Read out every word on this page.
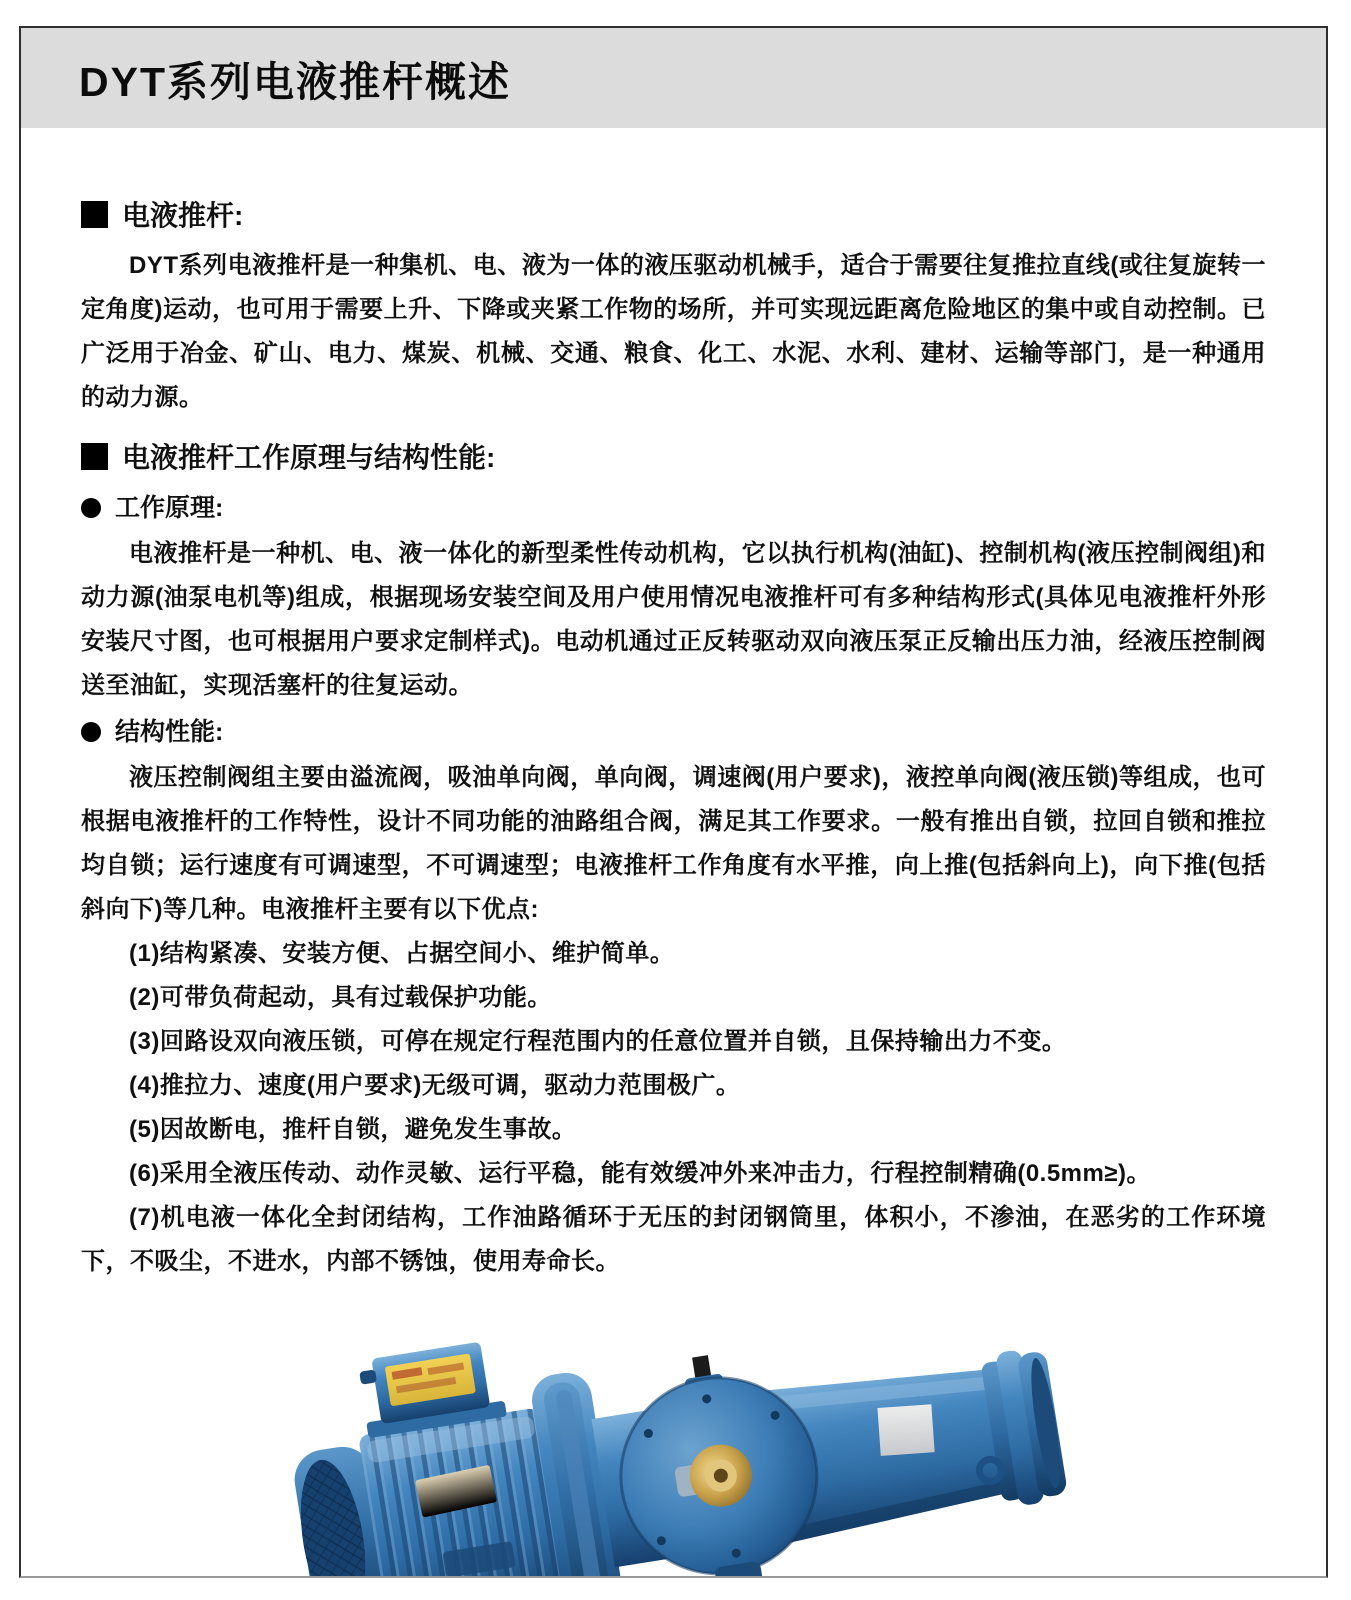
DYT系列电液推杆概述
电液推杆:

DYT系列电液推杆是一种集机、电、液为一体的液压驱动机械手，适合于需要往复推拉直线(或往复旋转一定角度)运动，也可用于需要上升、下降或夹紧工作物的场所，并可实现远距离危险地区的集中或自动控制。已广泛用于冶金、矿山、电力、煤炭、机械、交通、粮食、化工、水泥、水利、建材、运输等部门，是一种通用的动力源。

电液推杆工作原理与结构性能:
工作原理:

电液推杆是一种机、电、液一体化的新型柔性传动机构，它以执行机构(油缸)、控制机构(液压控制阀组)和动力源(油泵电机等)组成，根据现场安装空间及用户使用情况电液推杆可有多种结构形式(具体见电液推杆外形安装尺寸图，也可根据用户要求定制样式)。电动机通过正反转驱动双向液压泵正反输出压力油，经液压控制阀送至油缸，实现活塞杆的往复运动。

结构性能:

液压控制阀组主要由溢流阀，吸油单向阀，单向阀，调速阀(用户要求)，液控单向阀(液压锁)等组成，也可根据电液推杆的工作特性，设计不同功能的油路组合阀，满足其工作要求。一般有推出自锁，拉回自锁和推拉均自锁；运行速度有可调速型，不可调速型；电液推杆工作角度有水平推，向上推(包括斜向上)，向下推(包括斜向下)等几种。电液推杆主要有以下优点:

(1)结构紧凑、安装方便、占据空间小、维护简单。

(2)可带负荷起动，具有过载保护功能。

(3)回路设双向液压锁，可停在规定行程范围内的任意位置并自锁，且保持输出力不变。

(4)推拉力、速度(用户要求)无级可调，驱动力范围极广。

(5)因故断电，推杆自锁，避免发生事故。

(6)采用全液压传动、动作灵敏、运行平稳，能有效缓冲外来冲击力，行程控制精确(0.5mm≥)。

(7)机电液一体化全封闭结构，工作油路循环于无压的封闭钢筒里，体积小，不渗油，在恶劣的工作环境下，不吸尘，不进水，内部不锈蚀，使用寿命长。
